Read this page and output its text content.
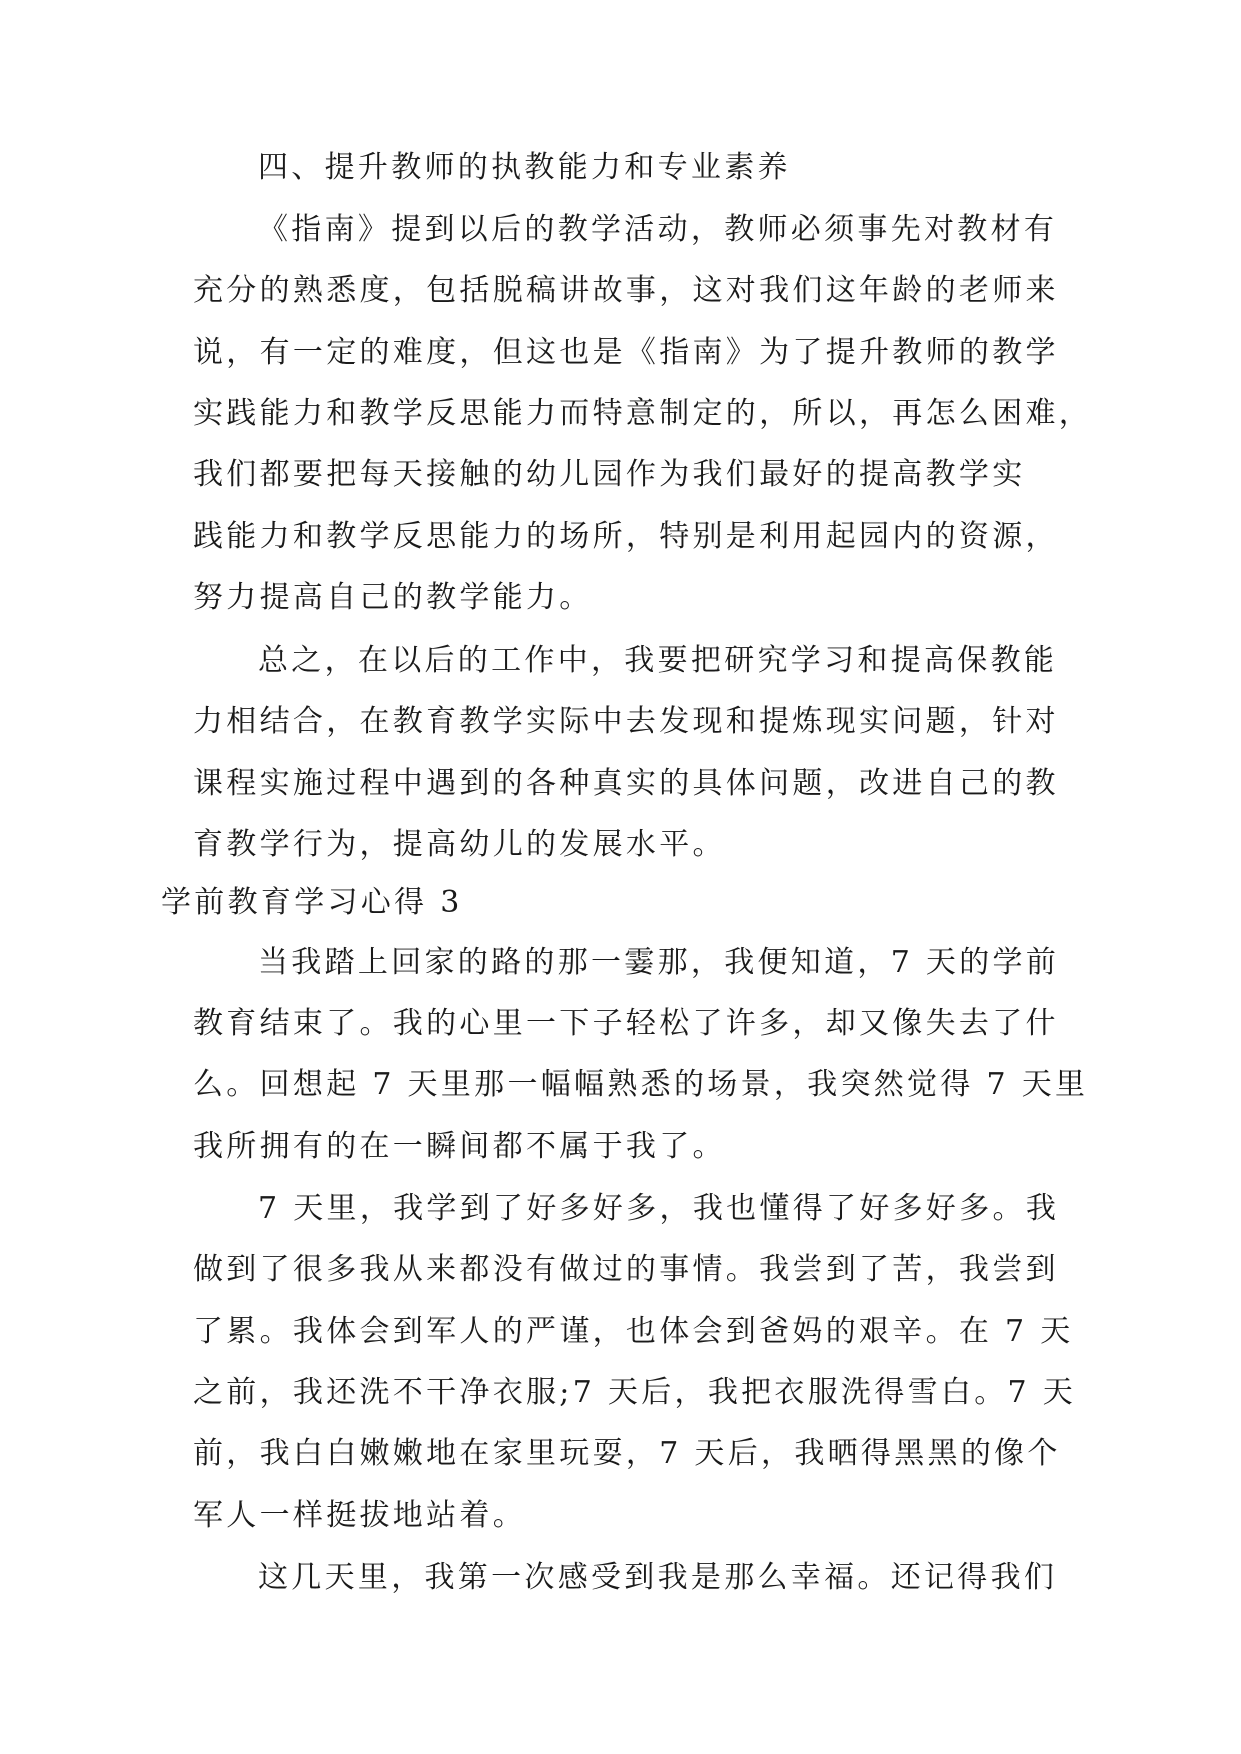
四、提升教师的执教能力和专业素养
《指南》提到以后的教学活动，教师必须事先对教材有
充分的熟悉度，包括脱稿讲故事，这对我们这年龄的老师来
说，有一定的难度，但这也是《指南》为了提升教师的教学
实践能力和教学反思能力而特意制定的，所以，再怎么困难，
我们都要把每天接触的幼儿园作为我们最好的提高教学实
践能力和教学反思能力的场所，特别是利用起园内的资源，
努力提高自己的教学能力。
总之，在以后的工作中，我要把研究学习和提高保教能
力相结合，在教育教学实际中去发现和提炼现实问题，针对
课程实施过程中遇到的各种真实的具体问题，改进自己的教
育教学行为，提高幼儿的发展水平。
学前教育学习心得 3
当我踏上回家的路的那一霎那，我便知道，7 天的学前
教育结束了。我的心里一下子轻松了许多，却又像失去了什
么。回想起 7 天里那一幅幅熟悉的场景，我突然觉得 7 天里
我所拥有的在一瞬间都不属于我了。
7 天里，我学到了好多好多，我也懂得了好多好多。我
做到了很多我从来都没有做过的事情。我尝到了苦，我尝到
了累。我体会到军人的严谨，也体会到爸妈的艰辛。在 7 天
之前，我还洗不干净衣服;7 天后，我把衣服洗得雪白。7 天
前，我白白嫩嫩地在家里玩耍，7 天后，我晒得黑黑的像个
军人一样挺拔地站着。
这几天里，我第一次感受到我是那么幸福。还记得我们
